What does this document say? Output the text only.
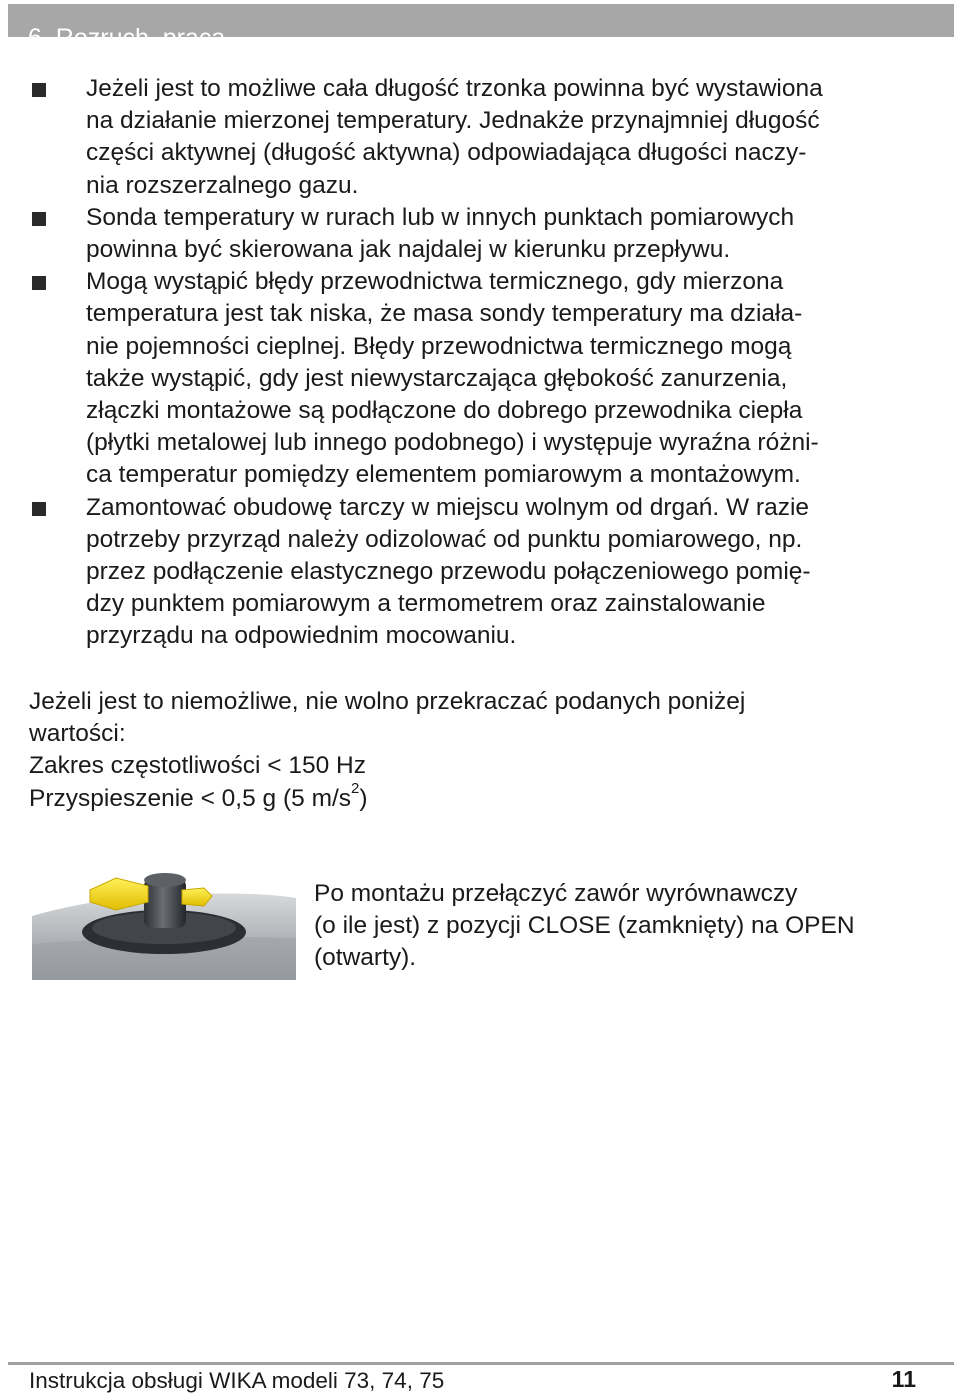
6. Rozruch, praca
Jeżeli jest to możliwe cała długość trzonka powinna być wystawiona
na działanie mierzonej temperatury. Jednakże przynajmniej długość
części aktywnej (długość aktywna) odpowiadająca długości naczy-
nia rozszerzalnego gazu.
Sonda temperatury w rurach lub w innych punktach pomiarowych
powinna być skierowana jak najdalej w kierunku przepływu.
Mogą wystąpić błędy przewodnictwa termicznego, gdy mierzona
temperatura jest tak niska, że masa sondy temperatury ma działa-
nie pojemności cieplnej. Błędy przewodnictwa termicznego mogą
także wystąpić, gdy jest niewystarczająca głębokość zanurzenia,
złączki montażowe są podłączone do dobrego przewodnika ciepła
(płytki metalowej lub innego podobnego) i występuje wyraźna różni-
ca temperatur pomiędzy elementem pomiarowym a montażowym.
Zamontować obudowę tarczy w miejscu wolnym od drgań. W razie
potrzeby przyrząd należy odizolować od punktu pomiarowego, np.
przez podłączenie elastycznego przewodu połączeniowego pomię-
dzy punktem pomiarowym a termometrem oraz zainstalowanie
przyrządu na odpowiednim mocowaniu.
Jeżeli jest to niemożliwe, nie wolno przekraczać podanych poniżej
wartości:
Zakres częstotliwości < 150 Hz
Przyspieszenie < 0,5 g (5 $m/s^2$)
Po montażu przełączyć zawór wyrównawczy
(o ile jest) z pozycji CLOSE (zamknięty) na OPEN
(otwarty).
Instrukcja obsługi WIKA modeli 73, 74, 75	11
